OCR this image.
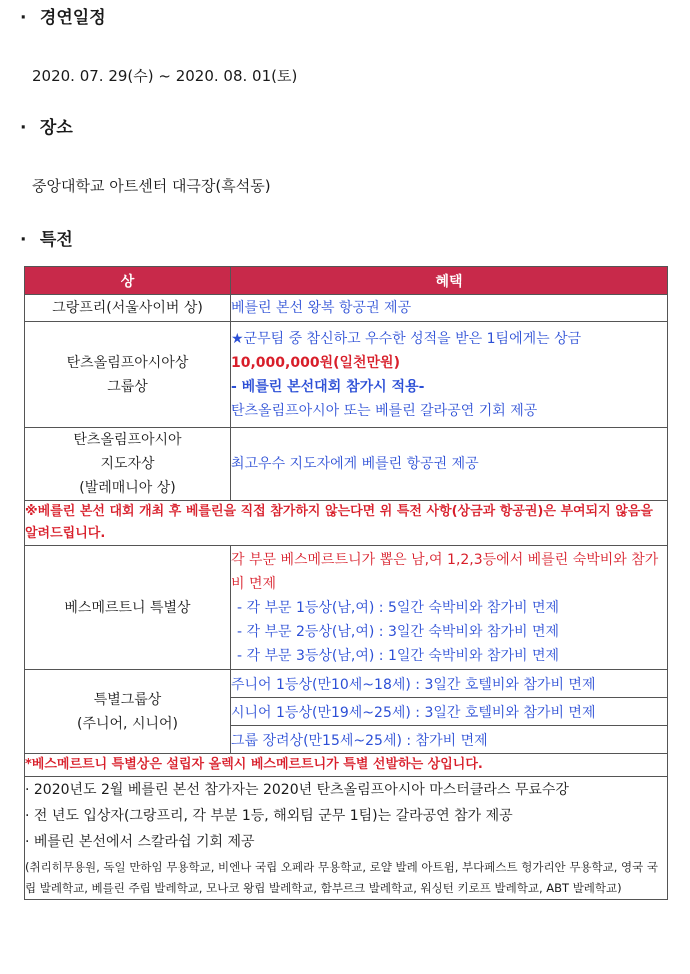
· 경연일정

2020. 07. 29(수) ~ 2020. 08. 01(토)

· 장소

중앙대학교 아트센터 대극장(흑석동)

· 특전
상	혜택
그랑프리(서울사이버 상)	베를린 본선 왕복 항공권 제공

탄츠올림프아시아상
그룹상	★군무팀 중 참신하고 우수한 성적을 받은 1팀에게는 상금
10,000,000원(일천만원)
- 베를린 본선대회 참가시 적용-
탄츠올림프아시아 또는 베를린 갈라공연 기회 제공

탄츠올림프아시아
지도자상
(발레매니아 상)	최고우수 지도자에게 베를린 항공권 제공
※베를린 본선 대회 개최 후 베를린을 직접 참가하지 않는다면 위 특전 사항(상금과 항공권)은 부여되지 않음을 알려드립니다.	
베스메르트니 특별상	각 부문 베스메르트니가 뽑은 남,여 1,2,3등에서 베를린 숙박비와 참가비 면제
- 각 부문 1등상(남,여) : 5일간 숙박비와 참가비 면제
- 각 부문 2등상(남,여) : 3일간 숙박비와 참가비 면제
- 각 부문 3등상(남,여) : 1일간 숙박비와 참가비 면제

특별그룹상
(주니어, 시니어)	주니어 1등상(만10세~18세) : 3일간 호텔비와 참가비 면제
	시니어 1등상(만19세~25세) : 3일간 호텔비와 참가비 면제
	그룹 장려상(만15세~25세) : 참가비 면제
*베스메르트니 특별상은 설립자 올렉시 베스메르트니가 특별 선발하는 상입니다.	

· 2020년도 2월 베를린 본선 참가자는 2020년 탄츠올림프아시아 마스터클라스 무료수강
· 전 년도 입상자(그랑프리, 각 부분 1등, 해외팀 군무 1팀)는 갈라공연 참가 제공
· 베를린 본선에서 스칼라쉽 기회 제공
(취리히무용원, 독일 만하임 무용학교, 비엔나 국립 오페라 무용학교, 로얄 발레 아트윔, 부다페스트 헝가리안 무용학교, 영국 국립 발레학교, 베를린 주립 발레학교, 모나코 왕립 발레학교, 함부르크 발레학교, 워싱턴 키로프 발레학교, ABT 발레학교)	
